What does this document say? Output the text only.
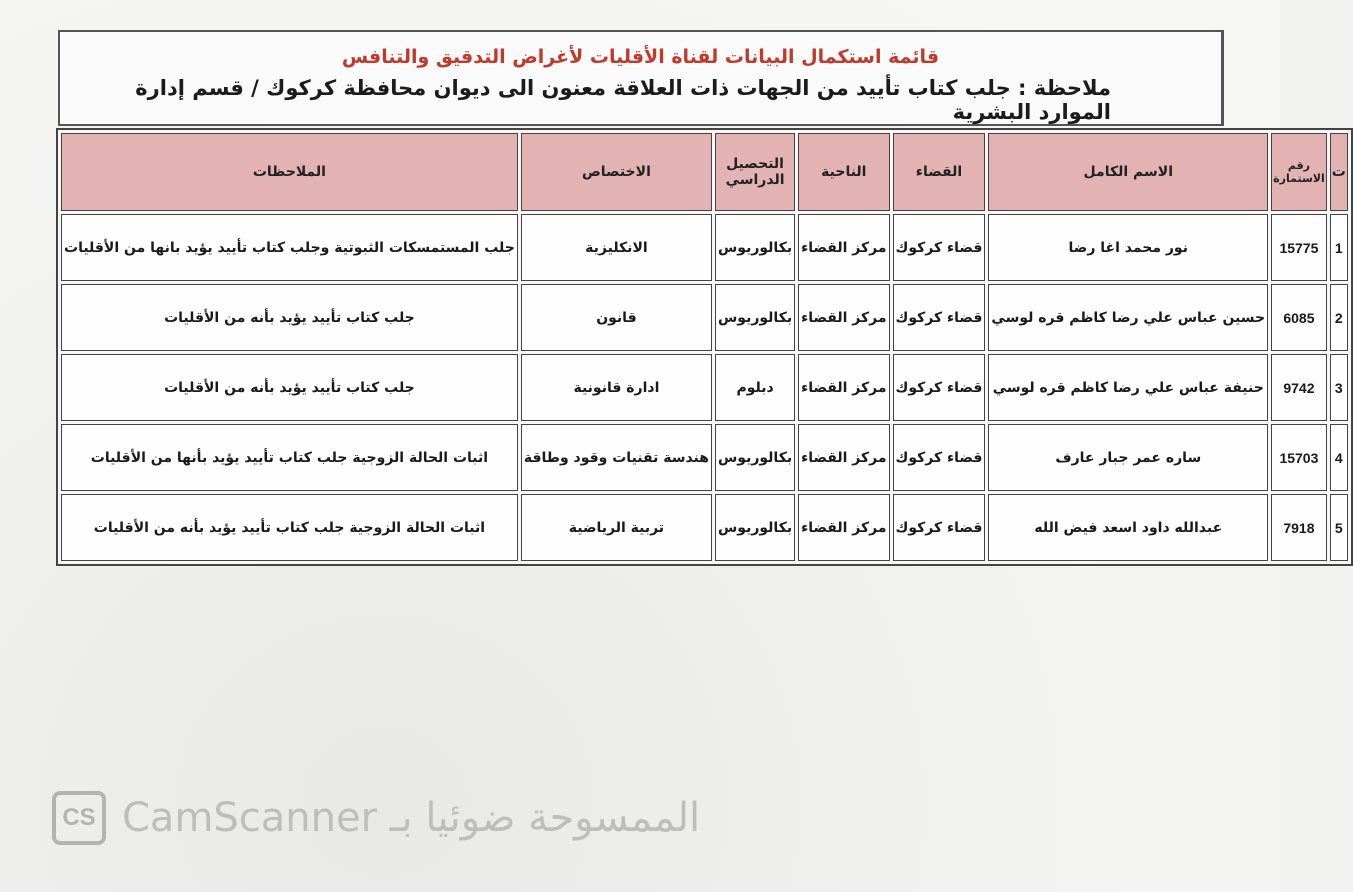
قائمة استكمال البيانات لقناة الأقليات لأغراض التدقيق والتنافس
ملاحظة : جلب كتاب تأييد من الجهات ذات العلاقة معنون الى ديوان محافظة كركوك / قسم إدارة الموارد البشرية
ت	رقم الاستمارة	الاسم الكامل	القضاء	الناحية	التحصيل الدراسي	الاختصاص	الملاحظات
1	15775	نور محمد اغا رضا	قضاء كركوك	مركز القضاء	بكالوريوس	الانكليزية	جلب المستمسكات الثبوتية وجلب كتاب تأييد يؤيد بانها من الأقليات
2	6085	حسين عباس علي رضا كاظم قره لوسي	قضاء كركوك	مركز القضاء	بكالوريوس	قانون	جلب كتاب تأييد يؤيد بأنه من الأقليات
3	9742	حنيفة عباس علي رضا كاظم قره لوسي	قضاء كركوك	مركز القضاء	دبلوم	ادارة قانونية	جلب كتاب تأييد يؤيد بأنه من الأقليات
4	15703	ساره عمر جبار عارف	قضاء كركوك	مركز القضاء	بكالوريوس	هندسة تقنيات وقود وطاقة	اثبات الحالة الزوجية جلب كتاب تأييد يؤيد بأنها من الأقليات
5	7918	عبدالله داود اسعد فيض الله	قضاء كركوك	مركز القضاء	بكالوريوس	تربية الرياضية	اثبات الحالة الزوجية جلب كتاب تأييد يؤيد بأنه من الأقليات
CS CamScanner الممسوحة ضوئيا بـ
